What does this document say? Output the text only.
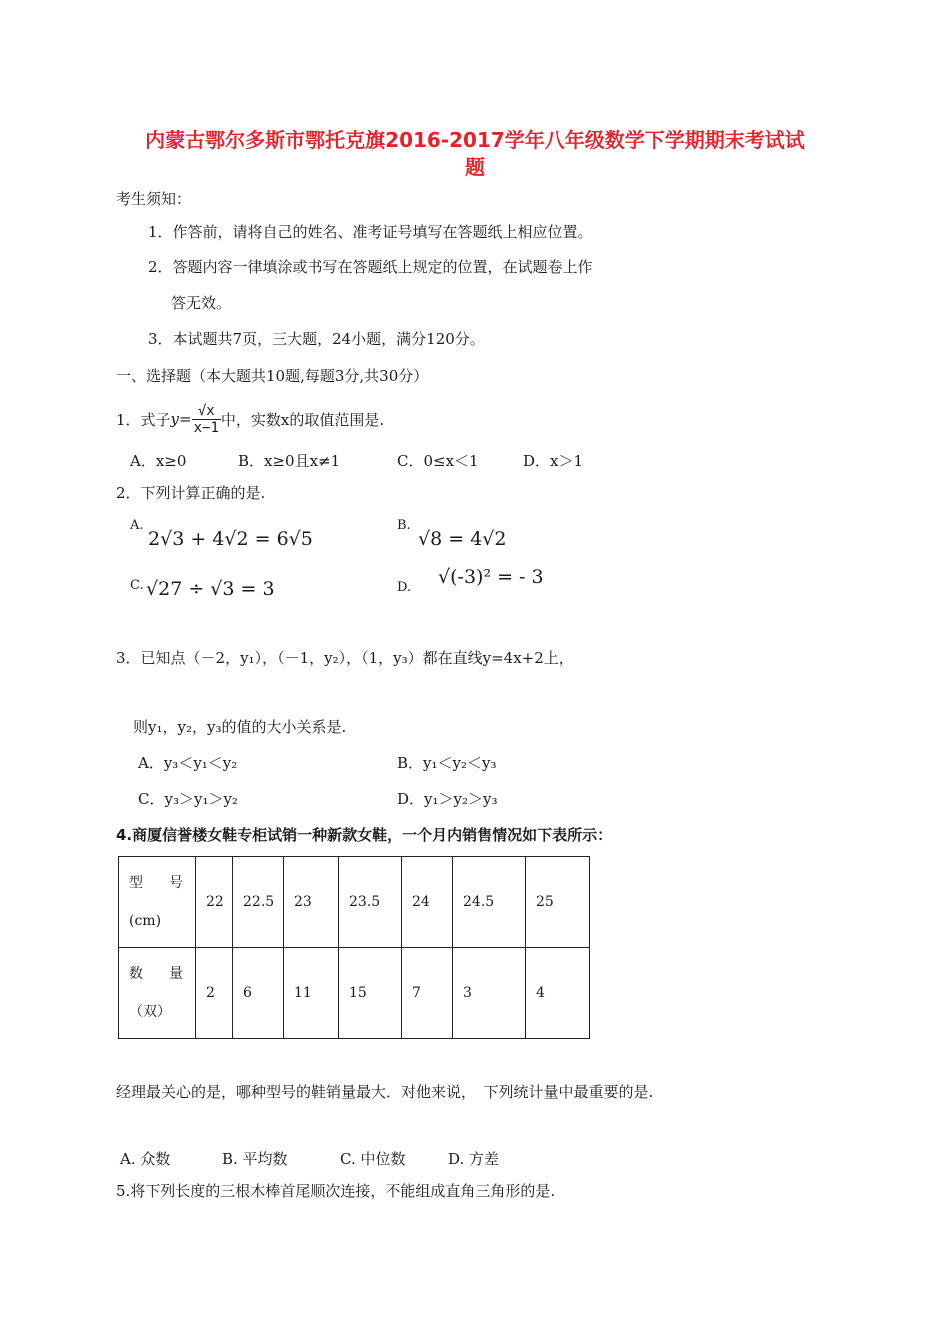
内蒙古鄂尔多斯市鄂托克旗2016-2017学年八年级数学下学期期末考试试
题
考生须知：
1．作答前，请将自己的姓名、准考证号填写在答题纸上相应位置。
2．答题内容一律填涂或书写在答题纸上规定的位置，在试题卷上作
答无效。
3．本试题共7页，三大题，24小题，满分120分。
一、选择题（本大题共10题,每题3分,共30分）
1．式子 $y= \frac{√x}{x-1}$ 中，实数x的取值范围是.
A．x≥0	B．x≥0且x≠1	C．0≤x＜1	D．x＞1
2．下列计算正确的是.
A.
2√3 + 4√2 = 6√5
B.
√8 = 4√2
C. √27 ÷ √3 = 3	D. √(-3)² = - 3
3．已知点（－2，y₁），（－1，y₂），（1，y₃）都在直线y=4x+2上，
则y₁，y₂，y₃的值的大小关系是.
A．y₃＜y₁＜y₂	B．y₁＜y₂＜y₃
C．y₃＞y₁＞y₂	D．y₁＞y₂＞y₃
4.商厦信誉楼女鞋专柜试销一种新款女鞋，一个月内销售情况如下表所示：
型 号
(cm)	22	22.5	23	23.5	24	24.5	25
数 量
（双）	2	6	11	15	7	3	4
经理最关心的是，哪种型号的鞋销量最大．对他来说，　下列统计量中最重要的是.
A. 众数	B. 平均数	C. 中位数	D. 方差
5.将下列长度的三根木棒首尾顺次连接，不能组成直角三角形的是.
